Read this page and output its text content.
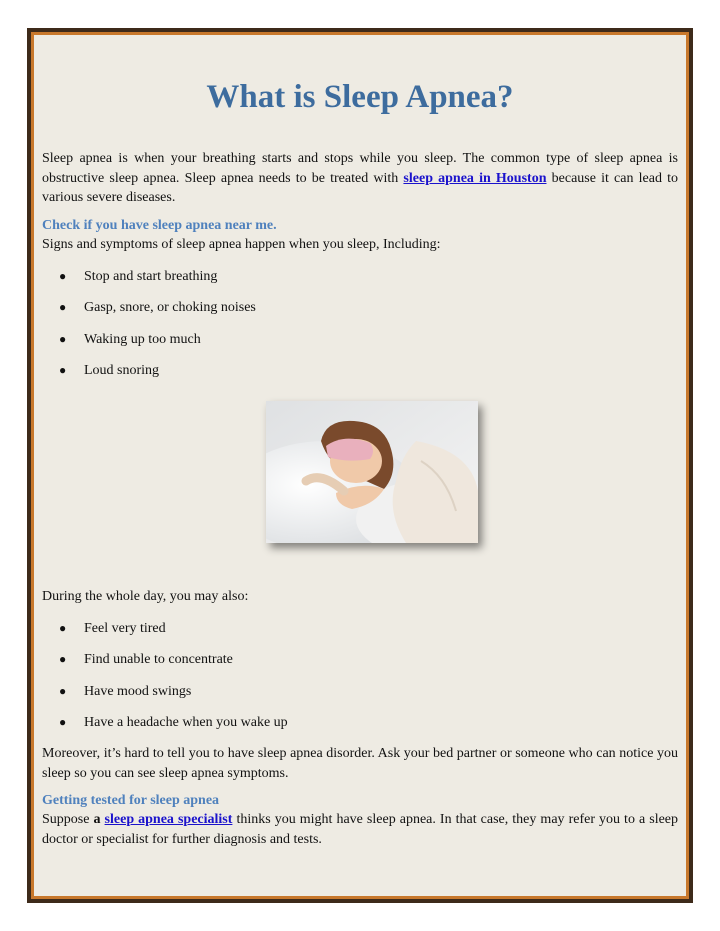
What is Sleep Apnea?

Sleep apnea is when your breathing starts and stops while you sleep. The common type of sleep apnea is obstructive sleep apnea. Sleep apnea needs to be treated with sleep apnea in Houston because it can lead to various severe diseases.

Check if you have sleep apnea near me.
Signs and symptoms of sleep apnea happen when you sleep, Including:
● Stop and start breathing
● Gasp, snore, or choking noises
● Waking up too much
● Loud snoring
During the whole day, you may also:
● Feel very tired
● Find unable to concentrate
● Have mood swings
● Have a headache when you wake up

Moreover, it’s hard to tell you to have sleep apnea disorder. Ask your bed partner or someone who can notice you sleep so you can see sleep apnea symptoms.

Getting tested for sleep apnea

Suppose a sleep apnea specialist thinks you might have sleep apnea. In that case, they may refer you to a sleep doctor or specialist for further diagnosis and tests.
